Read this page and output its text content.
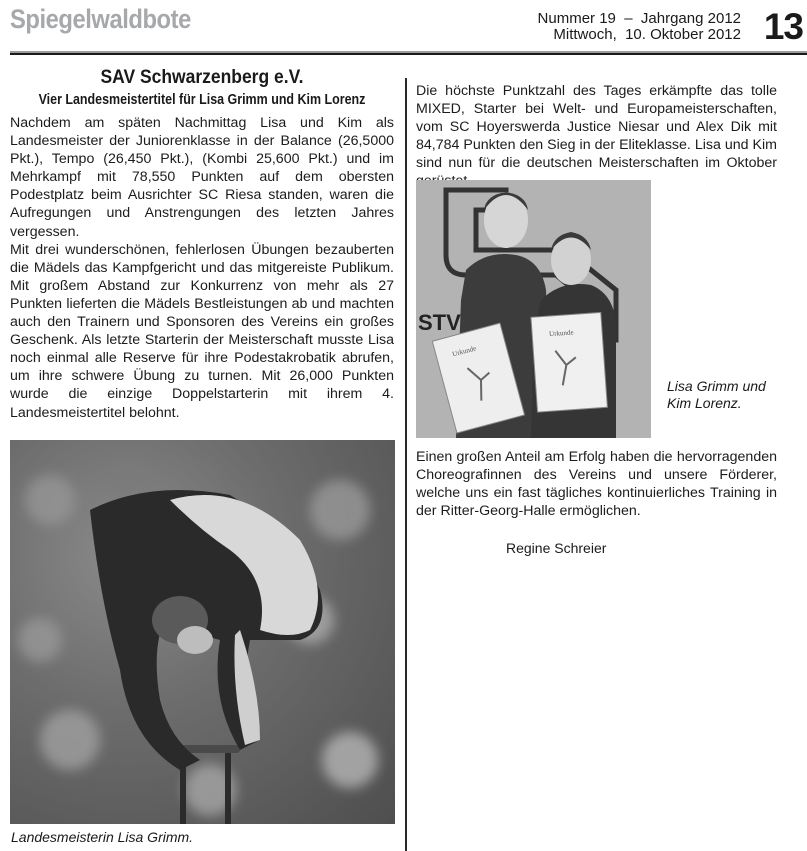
Spiegelwaldbote	Nummer 19  –  Jahrgang 2012
Mittwoch,  10. Oktober 2012 13
SAV Schwarzenberg e.V.
Vier Landesmeistertitel für Lisa Grimm und Kim Lorenz

Nachdem am späten Nachmittag Lisa und Kim als Landesmeister der Juniorenklasse in der Balance (26,5000 Pkt.), Tempo (26,450 Pkt.), (Kombi 25,600 Pkt.) und im Mehrkampf mit 78,550 Punkten auf dem obersten Podestplatz beim Ausrichter SC Riesa standen, waren die Aufregungen und Anstrengungen des letzten Jahres vergessen.

Mit drei wunderschönen, fehlerlosen Übungen bezauberten die Mädels das Kampfgericht und das mitgereiste Publikum. Mit großem Abstand zur Konkurrenz von mehr als 27 Punkten lieferten die Mädels Bestleistungen ab und machten auch den Trainern und Sponsoren des Vereins ein großes Geschenk. Als letzte Starterin der Meisterschaft musste Lisa noch einmal alle Reserve für ihre Podestakrobatik abrufen, um ihre schwere Übung zu turnen. Mit 26,000 Punkten wurde die einzige Doppelstarterin mit ihrem 4. Landesmeistertitel belohnt.

Landesmeisterin Lisa Grimm.

Die höchste Punktzahl des Tages erkämpfte das tolle MIXED, Starter bei Welt- und Europameisterschaften, vom SC Hoyerswerda Justice Niesar und Alex Dik mit 84,784 Punkten den Sieg in der Eliteklasse. Lisa und Kim sind nun für die deutschen Meisterschaften im Oktober

STV
Urkunde
Urkunde
Lisa Grimm und
Kim Lorenz.

Einen großen Anteil am Erfolg haben die hervorragenden Choreografinnen des Vereins und unsere Förderer, welche uns ein fast tägliches kontinuierliches Training in der Ritter-Georg-Halle ermöglichen.

Regine Schreier
